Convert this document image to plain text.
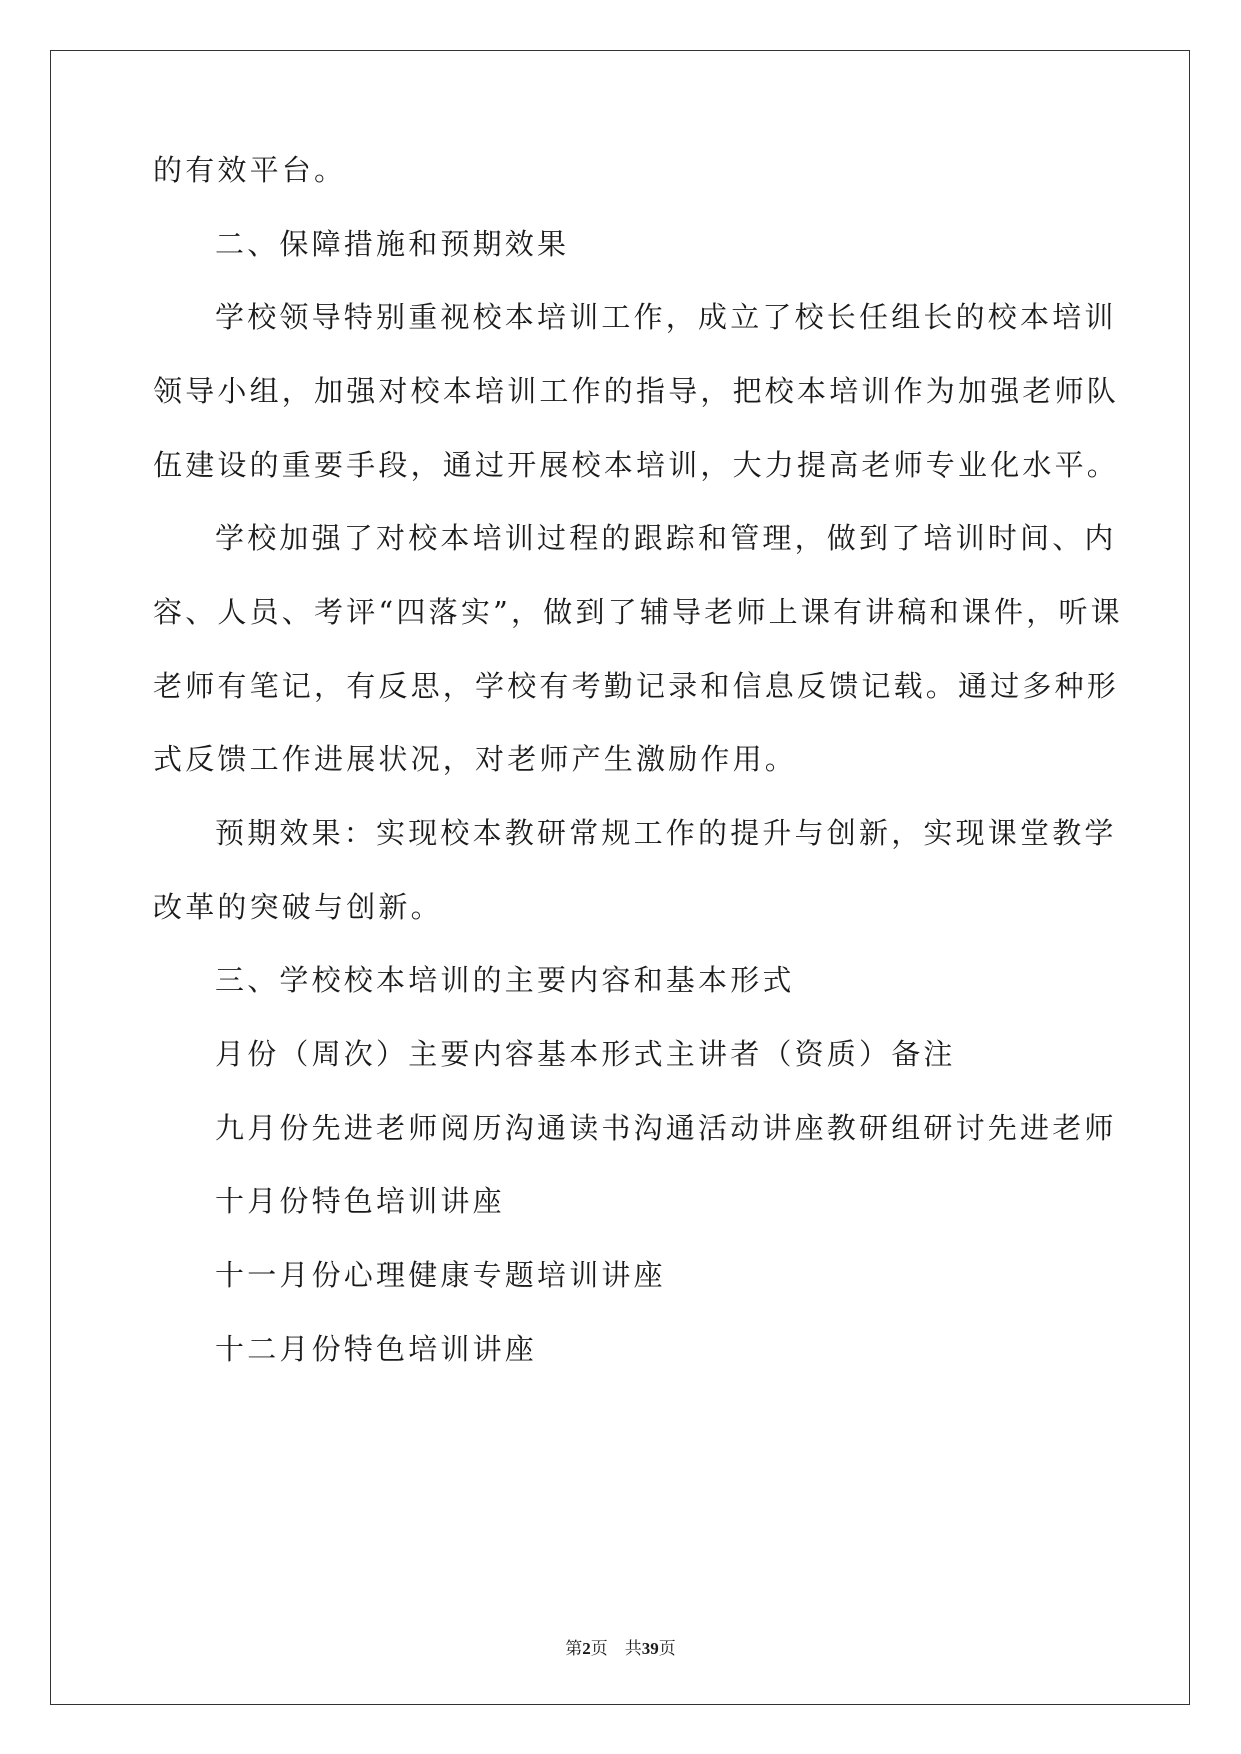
的有效平台。
二、保障措施和预期效果
学校领导特别重视校本培训工作，成立了校长任组长的校本培训
领导小组，加强对校本培训工作的指导，把校本培训作为加强老师队
伍建设的重要手段，通过开展校本培训，大力提高老师专业化水平。
学校加强了对校本培训过程的跟踪和管理，做到了培训时间、内
容、人员、考评“四落实”，做到了辅导老师上课有讲稿和课件，听课
老师有笔记，有反思，学校有考勤记录和信息反馈记载。通过多种形
式反馈工作进展状况，对老师产生激励作用。
预期效果：实现校本教研常规工作的提升与创新，实现课堂教学
改革的突破与创新。
三、学校校本培训的主要内容和基本形式
月份（周次）主要内容基本形式主讲者（资质）备注
九月份先进老师阅历沟通读书沟通活动讲座教研组研讨先进老师
十月份特色培训讲座
十一月份心理健康专题培训讲座
十二月份特色培训讲座
第2页 共39页
